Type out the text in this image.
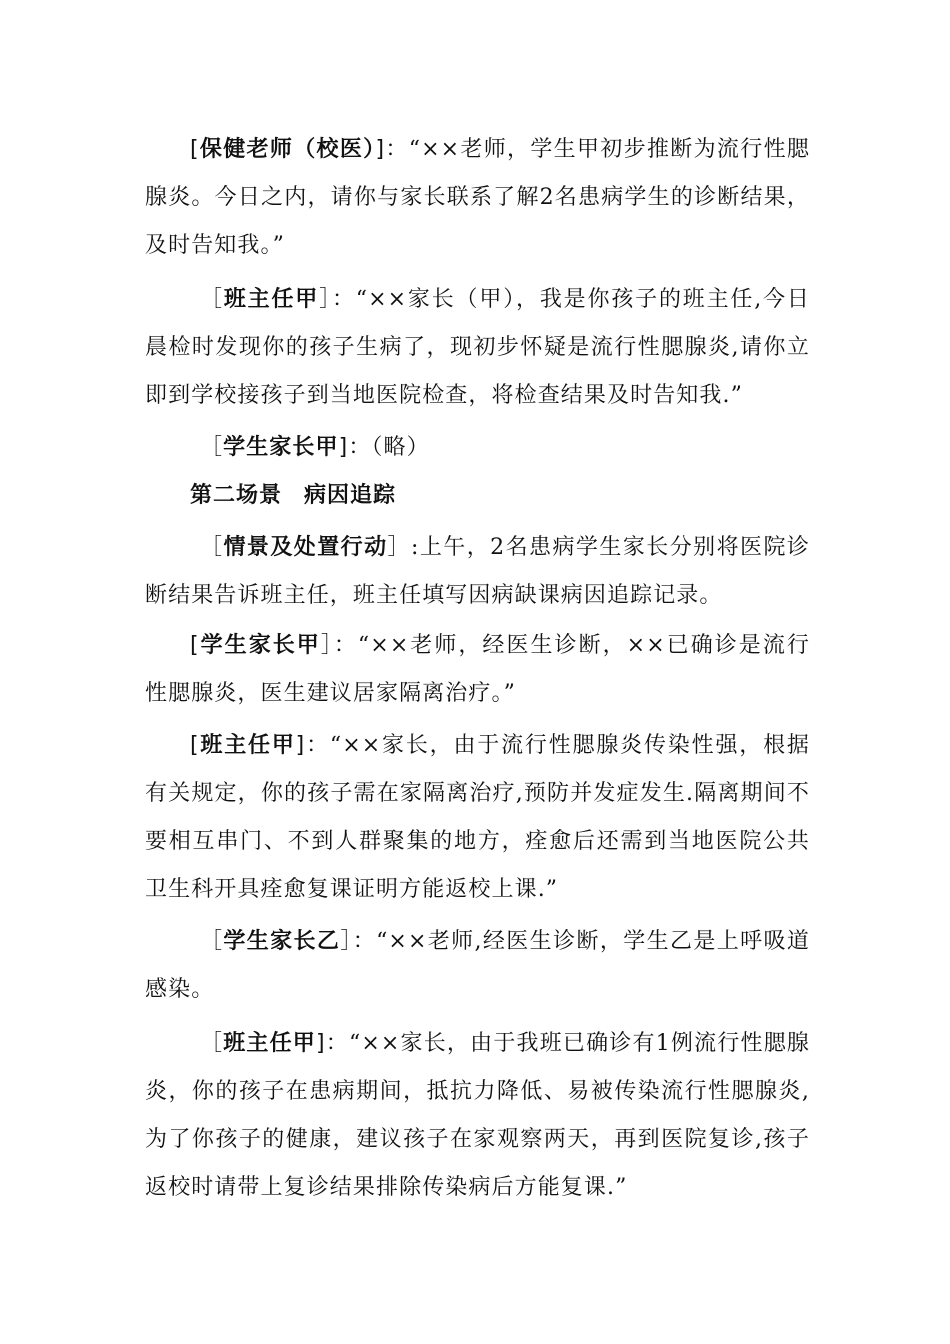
[保健老师（校医）]：“××老师，学生甲初步推断为流行性腮腺炎。今日之内，请你与家长联系了解2名患病学生的诊断结果，及时告知我。”

［班主任甲］：“××家长（甲），我是你孩子的班主任,今日晨检时发现你的孩子生病了，现初步怀疑是流行性腮腺炎,请你立即到学校接孩子到当地医院检查，将检查结果及时告知我.”

［学生家长甲]：（略）

第二场景 病因追踪

［情景及处置行动］:上午，2名患病学生家长分别将医院诊断结果告诉班主任，班主任填写因病缺课病因追踪记录。

[学生家长甲］：“××老师，经医生诊断，××已确诊是流行性腮腺炎，医生建议居家隔离治疗。”

[班主任甲]：“××家长，由于流行性腮腺炎传染性强，根据有关规定，你的孩子需在家隔离治疗,预防并发症发生.隔离期间不要相互串门、不到人群聚集的地方，痊愈后还需到当地医院公共卫生科开具痊愈复课证明方能返校上课.”

［学生家长乙］：“××老师,经医生诊断，学生乙是上呼吸道感染。

［班主任甲]：“××家长，由于我班已确诊有1例流行性腮腺炎，你的孩子在患病期间，抵抗力降低、易被传染流行性腮腺炎,为了你孩子的健康，建议孩子在家观察两天，再到医院复诊,孩子返校时请带上复诊结果排除传染病后方能复课.”
